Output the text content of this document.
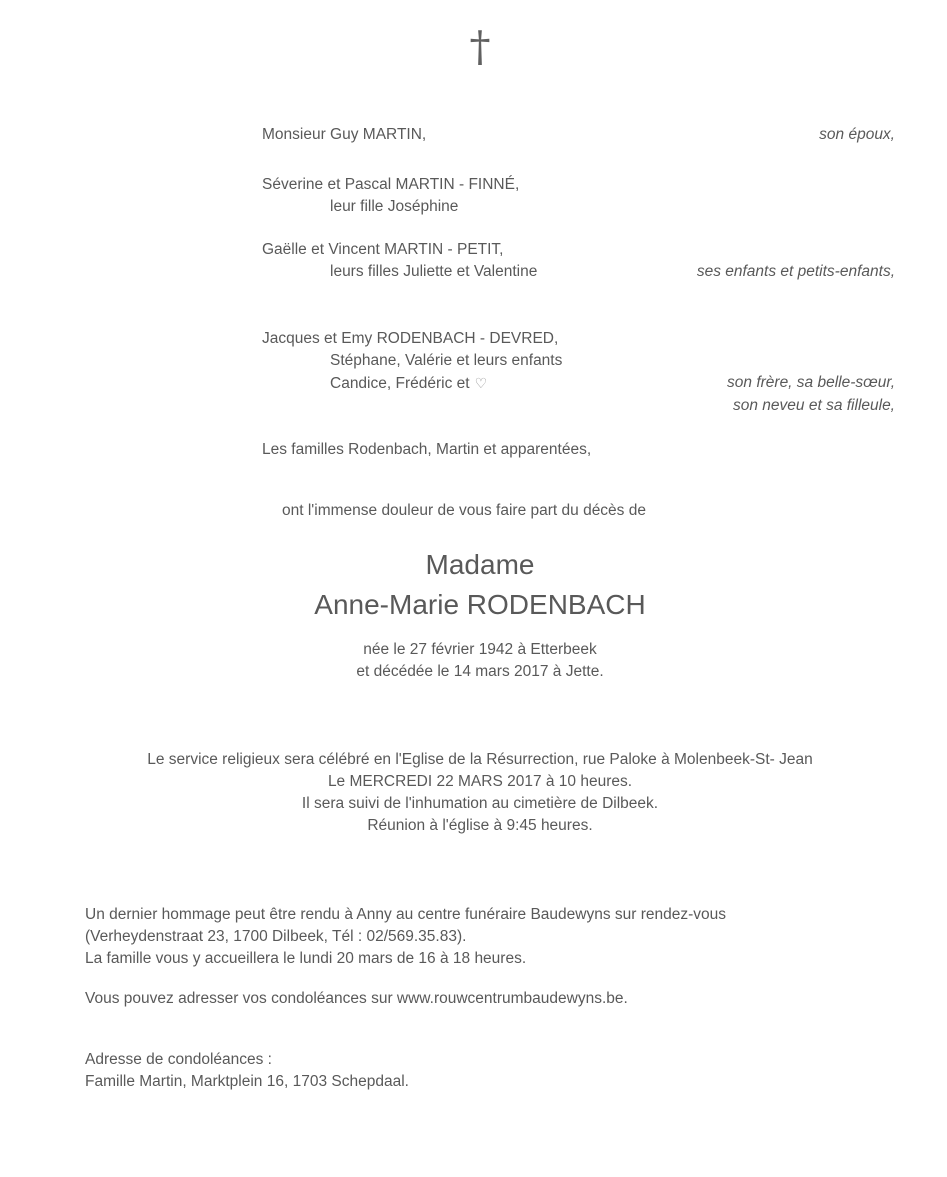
†
Monsieur Guy MARTIN,	son époux,
Séverine et Pascal MARTIN - FINNÉ,
leur fille Joséphine
Gaëlle et Vincent MARTIN - PETIT,
leurs filles Juliette et Valentine	ses enfants et petits-enfants,
Jacques et Emy RODENBACH - DEVRED,
Stéphane, Valérie et leurs enfants
Candice, Frédéric et ♡	son frère, sa belle-sœur,
son neveu et sa filleule,
Les familles Rodenbach, Martin et apparentées,
ont l'immense douleur de vous faire part du décès de
Madame
Anne-Marie RODENBACH
née le 27 février 1942 à Etterbeek
et décédée le 14 mars 2017 à Jette.
Le service religieux sera célébré en l'Eglise de la Résurrection, rue Paloke à Molenbeek-St- Jean
Le MERCREDI 22 MARS 2017 à 10 heures.
Il sera suivi de l'inhumation au cimetière de Dilbeek.
Réunion à l'église à 9:45 heures.
Un dernier hommage peut être rendu à Anny au centre funéraire Baudewyns sur rendez-vous
(Verheydenstraat 23, 1700 Dilbeek, Tél : 02/569.35.83).
La famille vous y accueillera le lundi 20 mars de 16 à 18 heures.
Vous pouvez adresser vos condoléances sur www.rouwcentrumbaudewyns.be.
Adresse de condoléances :
Famille Martin, Marktplein 16, 1703 Schepdaal.
